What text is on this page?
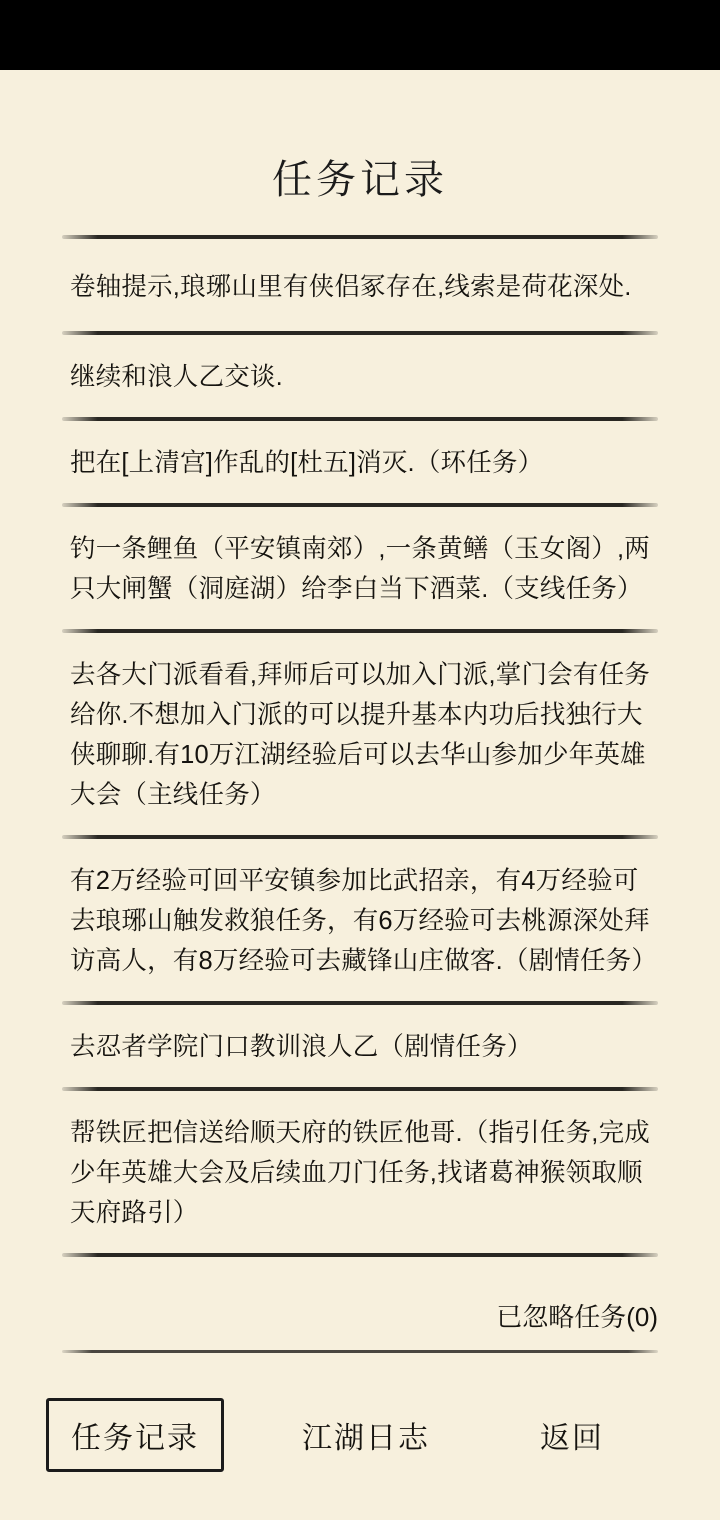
任务记录
卷轴提示,琅琊山里有侠侣冢存在,线索是荷花深处.
继续和浪人乙交谈.
把在[上清宫]作乱的[杜五]消灭.（环任务）
钓一条鲤鱼（平安镇南郊）,一条黄鳝（玉女阁）,两只大闸蟹（洞庭湖）给李白当下酒菜.（支线任务）
去各大门派看看,拜师后可以加入门派,掌门会有任务给你.不想加入门派的可以提升基本内功后找独行大侠聊聊.有10万江湖经验后可以去华山参加少年英雄大会（主线任务）
有2万经验可回平安镇参加比武招亲，有4万经验可去琅琊山触发救狼任务，有6万经验可去桃源深处拜访高人，有8万经验可去藏锋山庄做客.（剧情任务）
去忍者学院门口教训浪人乙（剧情任务）
帮铁匠把信送给顺天府的铁匠他哥.（指引任务,完成少年英雄大会及后续血刀门任务,找诸葛神猴领取顺天府路引）
已忽略任务(0)
任务记录	江湖日志	返回
